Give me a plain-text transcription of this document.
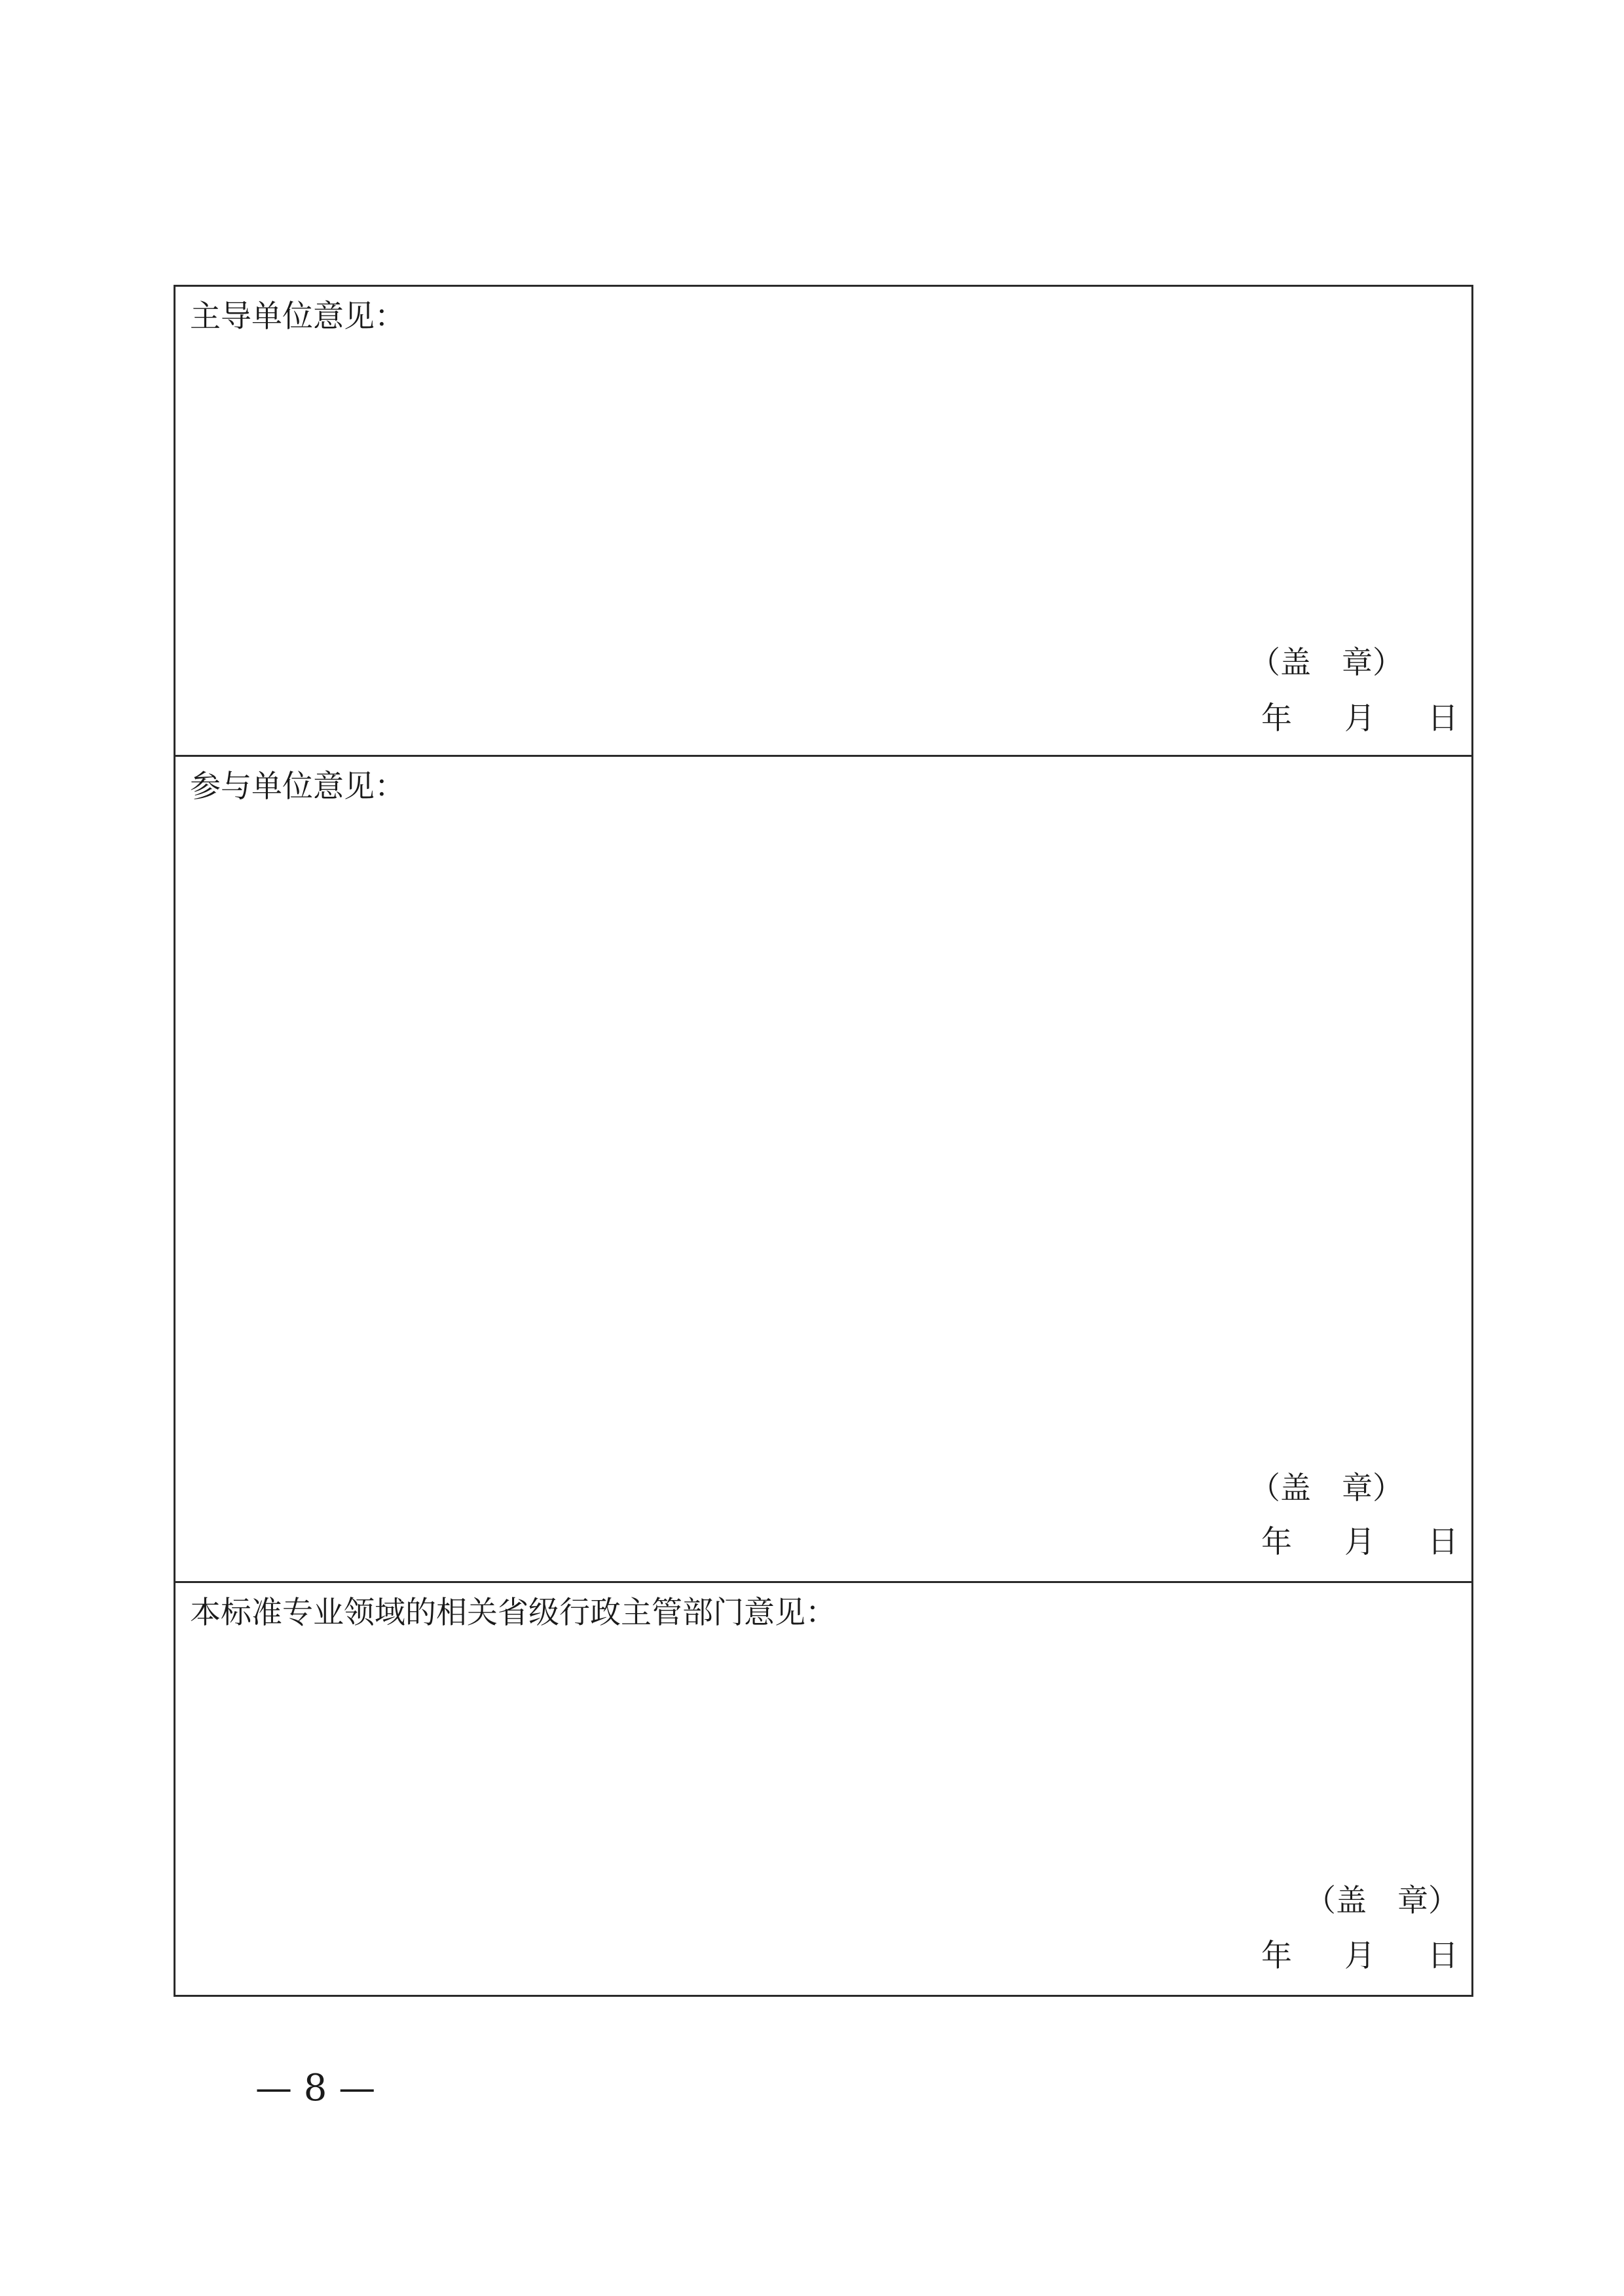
主导单位意见：
（盖　章）
年 月 日
参与单位意见：
（盖　章）
年 月 日
本标准专业领域的相关省级行政主管部门意见：
（盖　章）
年 月 日
— 8 —
